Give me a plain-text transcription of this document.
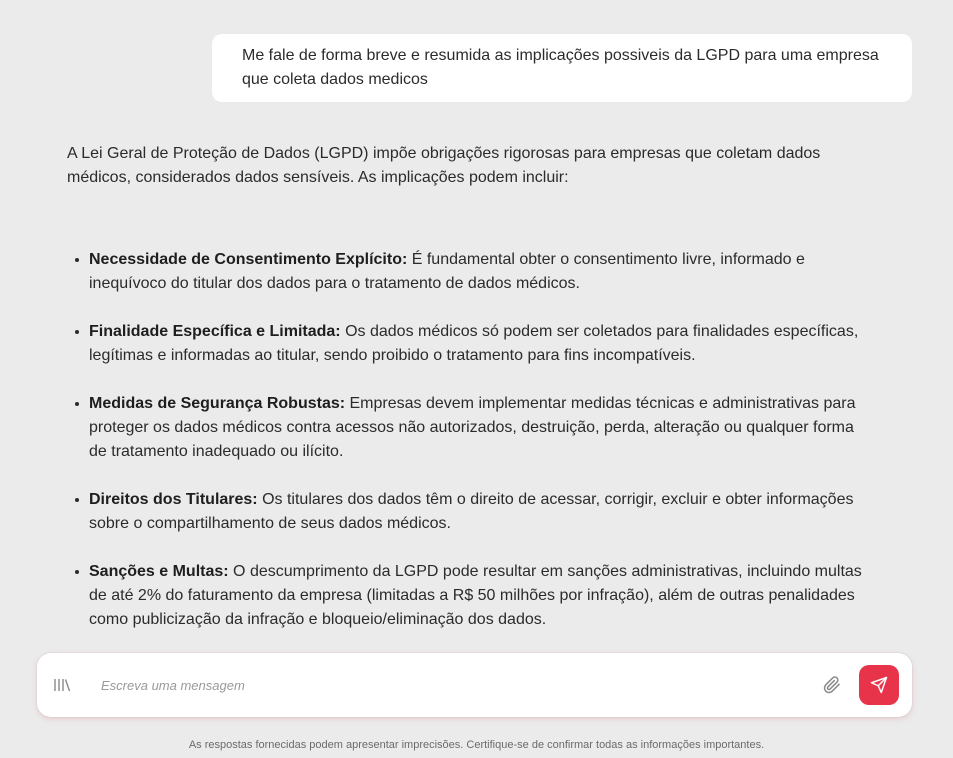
Me fale de forma breve e resumida as implicações possiveis da LGPD para uma empresa que coleta dados medicos

A Lei Geral de Proteção de Dados (LGPD) impõe obrigações rigorosas para empresas que coletam dados médicos, considerados dados sensíveis. As implicações podem incluir:

Necessidade de Consentimento Explícito: É fundamental obter o consentimento livre, informado e inequívoco do titular dos dados para o tratamento de dados médicos.
Finalidade Específica e Limitada: Os dados médicos só podem ser coletados para finalidades específicas, legítimas e informadas ao titular, sendo proibido o tratamento para fins incompatíveis.
Medidas de Segurança Robustas: Empresas devem implementar medidas técnicas e administrativas para proteger os dados médicos contra acessos não autorizados, destruição, perda, alteração ou qualquer forma de tratamento inadequado ou ilícito.
Direitos dos Titulares: Os titulares dos dados têm o direito de acessar, corrigir, excluir e obter informações sobre o compartilhamento de seus dados médicos.
Sanções e Multas: O descumprimento da LGPD pode resultar em sanções administrativas, incluindo multas de até 2% do faturamento da empresa (limitadas a R$ 50 milhões por infração), além de outras penalidades como publicização da infração e bloqueio/eliminação dos dados.
Escreva uma mensagem
As respostas fornecidas podem apresentar imprecisões. Certifique-se de confirmar todas as informações importantes.
